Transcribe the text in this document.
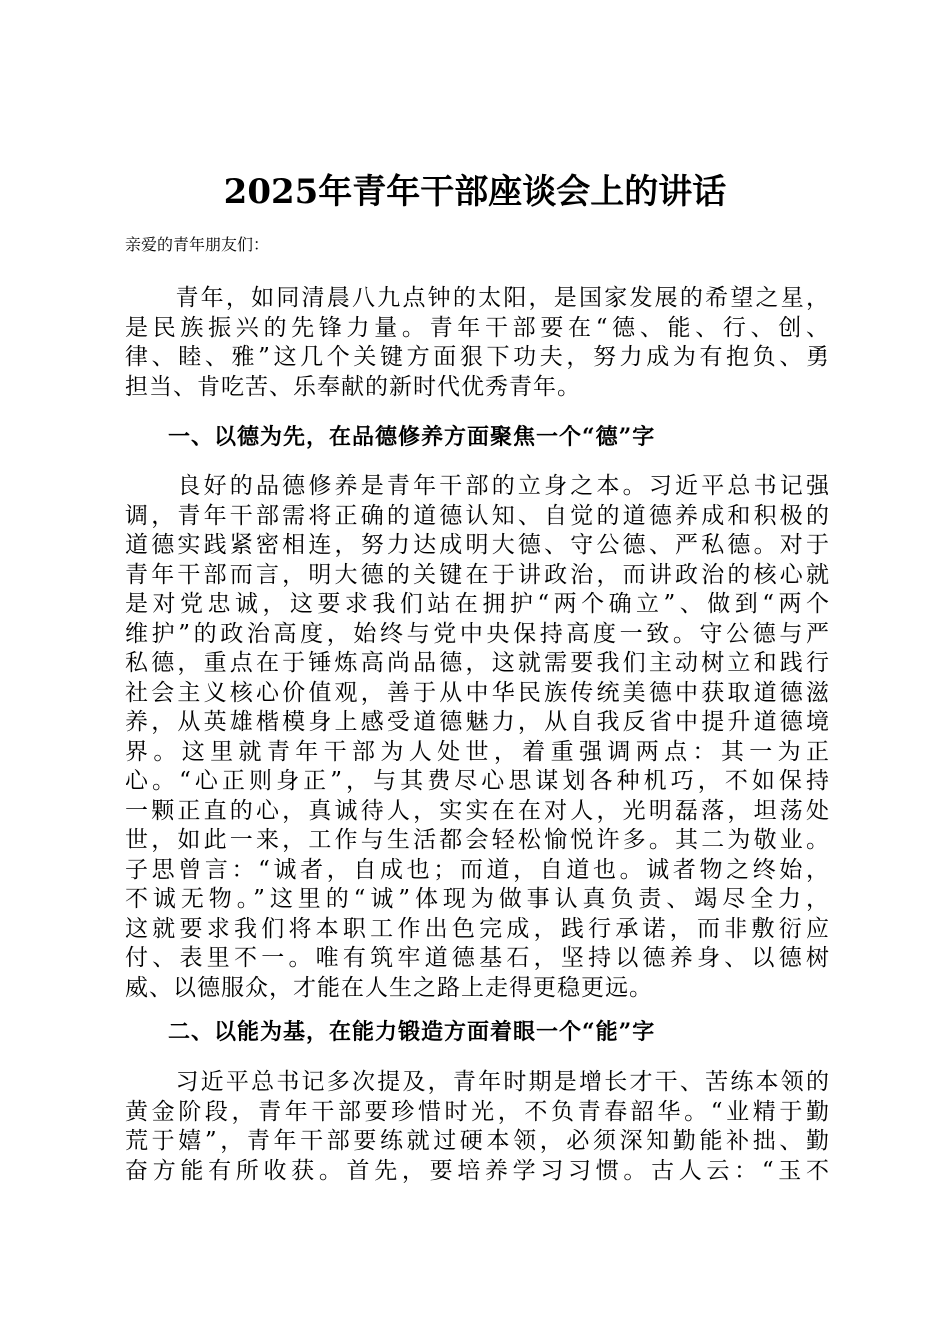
2025年青年干部座谈会上的讲话

亲爱的青年朋友们：

　　青年，如同清晨八九点钟的太阳，是国家发展的希望之星，
是民族振兴的先锋力量。青年干部要在“德、能、行、创、
律、睦、雅”这几个关键方面狠下功夫，努力成为有抱负、勇
担当、肯吃苦、乐奉献的新时代优秀青年。
一、以德为先，在品德修养方面聚焦一个“德”字
　　良好的品德修养是青年干部的立身之本。习近平总书记强
调，青年干部需将正确的道德认知、自觉的道德养成和积极的
道德实践紧密相连，努力达成明大德、守公德、严私德。对于
青年干部而言，明大德的关键在于讲政治，而讲政治的核心就
是对党忠诚，这要求我们站在拥护“两个确立”、做到“两个
维护”的政治高度，始终与党中央保持高度一致。守公德与严
私德，重点在于锤炼高尚品德，这就需要我们主动树立和践行
社会主义核心价值观，善于从中华民族传统美德中获取道德滋
养，从英雄楷模身上感受道德魅力，从自我反省中提升道德境
界。这里就青年干部为人处世，着重强调两点：其一为正
心。“心正则身正”，与其费尽心思谋划各种机巧，不如保持
一颗正直的心，真诚待人，实实在在对人，光明磊落，坦荡处
世，如此一来，工作与生活都会轻松愉悦许多。其二为敬业。
子思曾言：“诚者，自成也；而道，自道也。诚者物之终始，
不诚无物。”这里的“诚”体现为做事认真负责、竭尽全力，
这就要求我们将本职工作出色完成，践行承诺，而非敷衍应
付、表里不一。唯有筑牢道德基石，坚持以德养身、以德树
威、以德服众，才能在人生之路上走得更稳更远。
二、以能为基，在能力锻造方面着眼一个“能”字
　　习近平总书记多次提及，青年时期是增长才干、苦练本领的
黄金阶段，青年干部要珍惜时光，不负青春韶华。“业精于勤
荒于嬉”，青年干部要练就过硬本领，必须深知勤能补拙、勤
奋方能有所收获。首先，要培养学习习惯。古人云：“玉不
